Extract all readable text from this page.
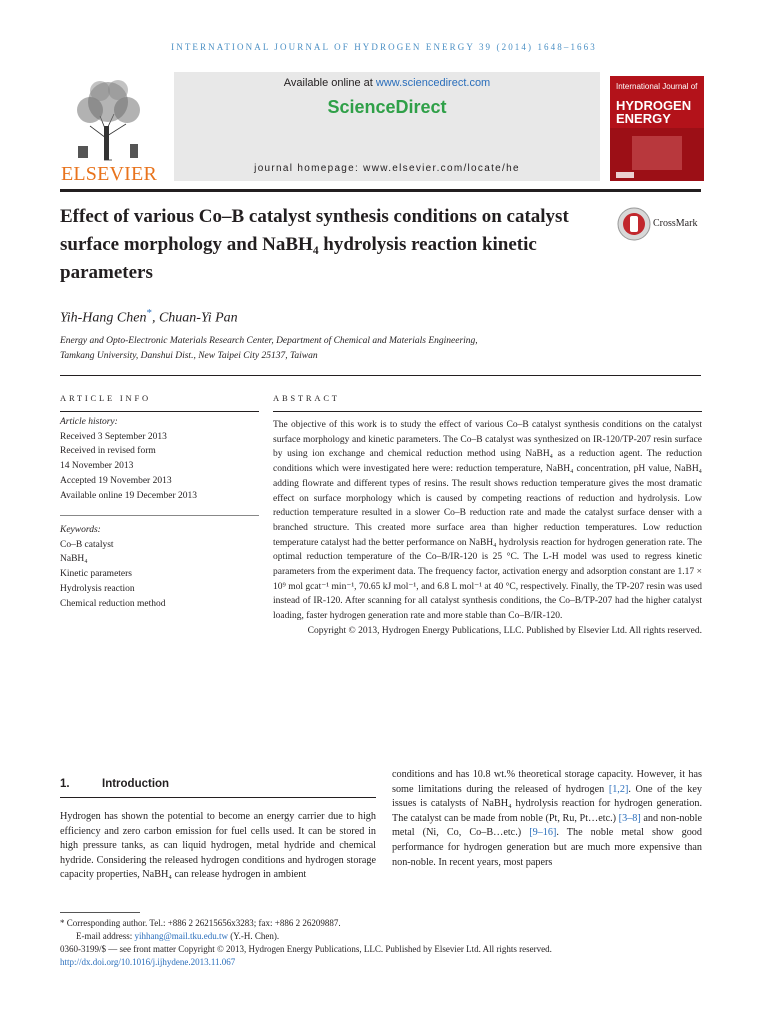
INTERNATIONAL JOURNAL OF HYDROGEN ENERGY 39 (2014) 1648–1663
ELSEVIER
Available online at www.sciencedirect.com
ScienceDirect
journal homepage: www.elsevier.com/locate/he
International Journal of
HYDROGEN
ENERGY
Effect of various Co–B catalyst synthesis conditions on catalyst surface morphology and NaBH₄ hydrolysis reaction kinetic parameters
CrossMark
Yih-Hang Chen*, Chuan-Yi Pan
Energy and Opto-Electronic Materials Research Center, Department of Chemical and Materials Engineering,
Tamkang University, Danshui Dist., New Taipei City 25137, Taiwan
ARTICLE INFO
Article history:
Received 3 September 2013
Received in revised form
14 November 2013
Accepted 19 November 2013
Available online 19 December 2013
Keywords:
Co–B catalyst
NaBH₄
Kinetic parameters
Hydrolysis reaction
Chemical reduction method
ABSTRACT
The objective of this work is to study the effect of various Co–B catalyst synthesis conditions on the catalyst surface morphology and kinetic parameters. The Co–B catalyst was synthesized on IR-120/TP-207 resin surface by using ion exchange and chemical reduction method using NaBH₄ as a reduction agent. The reduction conditions which were investigated here were: reduction temperature, NaBH₄ concentration, pH value, NaBH₄ adding flowrate and different types of resins. The result shows reduction temperature gives the most dramatic effect on surface morphology which is caused by competing reactions of reduction and hydrolysis. Low reduction temperature resulted in a slower Co–B reduction rate and made the catalyst surface denser with a branched structure. This created more surface area than higher reduction temperatures. Low reduction temperature catalyst had the better performance on NaBH₄ hydrolysis reaction for hydrogen generation rate. The optimal reduction temperature of the Co–B/IR-120 is 25 °C. The L-H model was used to regress kinetic parameters from the experiment data. The frequency factor, activation energy and adsorption constant are 1.17 × 10⁹ mol gcat⁻¹ min⁻¹, 70.65 kJ mol⁻¹, and 6.8 L mol⁻¹ at 40 °C, respectively. Finally, the TP-207 resin was used instead of IR-120. After scanning for all catalyst synthesis conditions, the Co–B/TP-207 had the higher catalyst loading, faster hydrogen generation rate and more stable than Co–B/IR-120.
Copyright © 2013, Hydrogen Energy Publications, LLC. Published by Elsevier Ltd. All rights reserved.
1.	Introduction
Hydrogen has shown the potential to become an energy carrier due to high efficiency and zero carbon emission for fuel cells used. It can be stored in high pressure tanks, as can liquid hydrogen, metal hydride and chemical hydride. Considering the released hydrogen conditions and hydrogen storage capacity properties, NaBH₄ can release hydrogen in ambient
conditions and has 10.8 wt.% theoretical storage capacity. However, it has some limitations during the released of hydrogen [1,2]. One of the key issues is catalysts of NaBH₄ hydrolysis reaction for hydrogen generation. The catalyst can be made from noble (Pt, Ru, Pt…etc.) [3–8] and non-noble metal (Ni, Co, Co–B…etc.) [9–16]. The noble metal show good performance for hydrogen generation but are much more expensive than non-noble. In recent years, most papers
* Corresponding author. Tel.: +886 2 26215656x3283; fax: +886 2 26209887.
E-mail address: yihhang@mail.tku.edu.tw (Y.-H. Chen).
0360-3199/$ — see front matter Copyright © 2013, Hydrogen Energy Publications, LLC. Published by Elsevier Ltd. All rights reserved.
http://dx.doi.org/10.1016/j.ijhydene.2013.11.067
